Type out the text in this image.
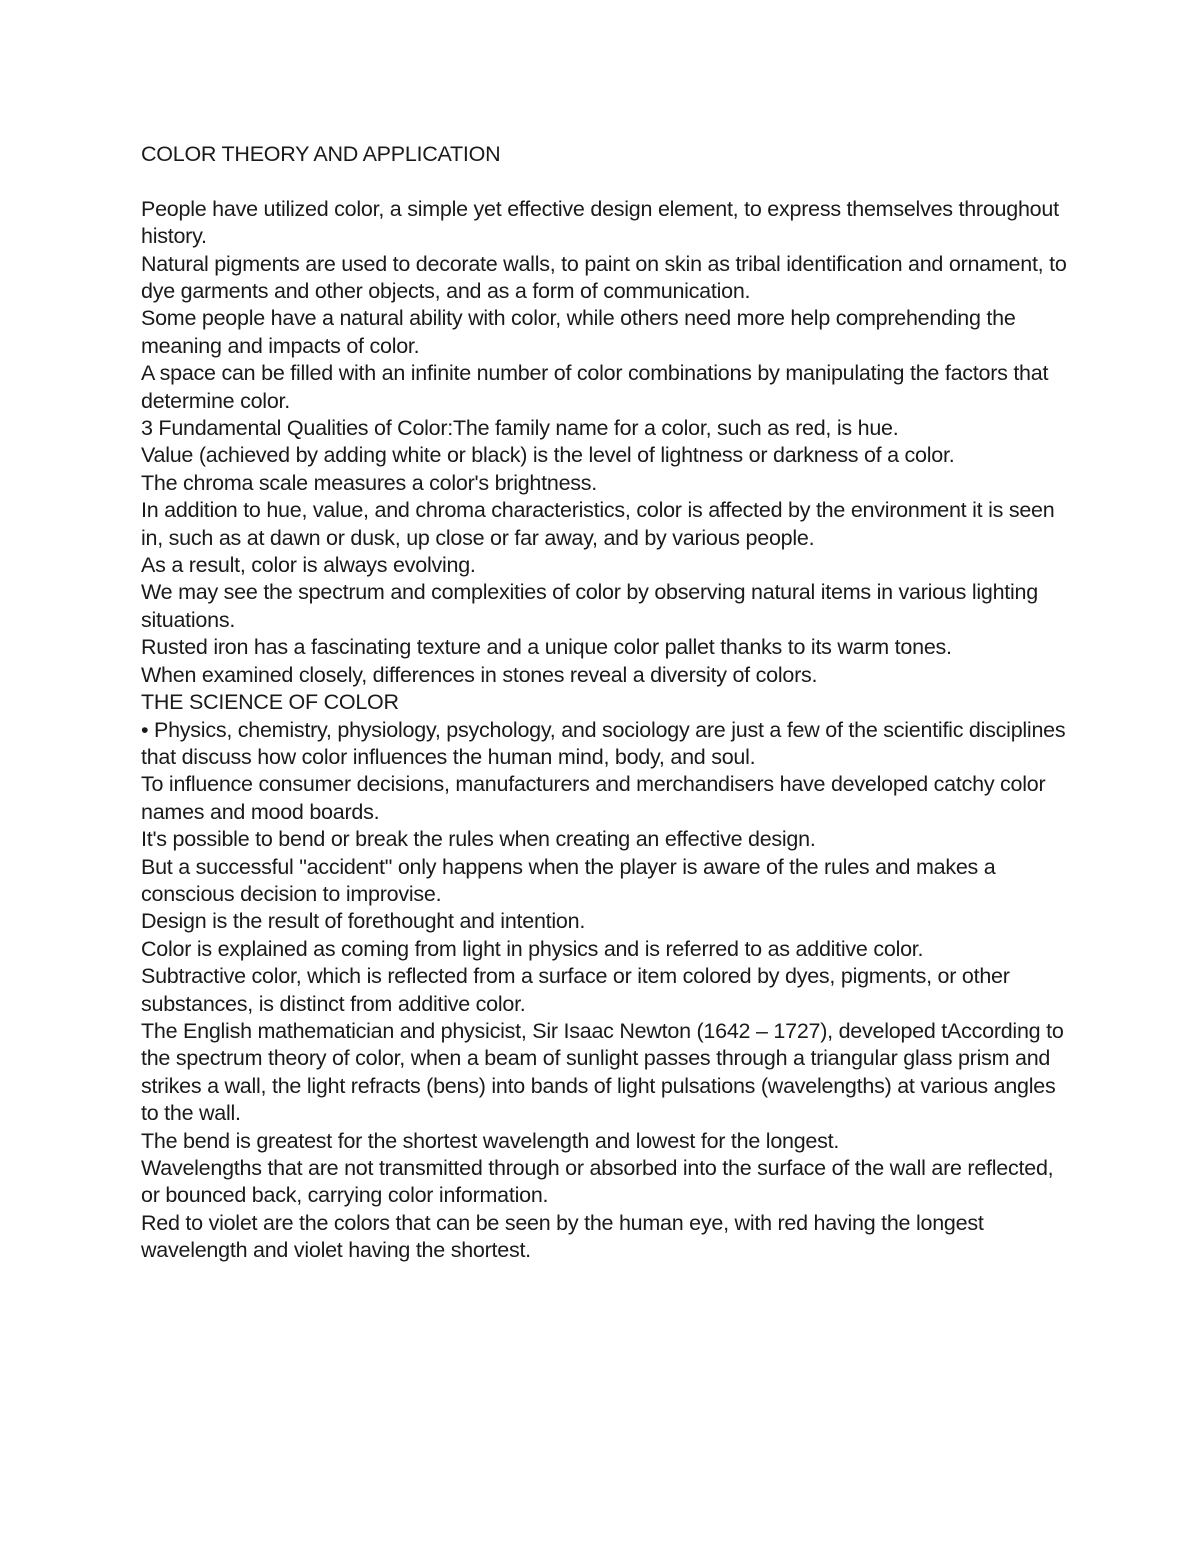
COLOR THEORY AND APPLICATION

People have utilized color, a simple yet effective design element, to express themselves throughout history.

Natural pigments are used to decorate walls, to paint on skin as tribal identification and ornament, to dye garments and other objects, and as a form of communication.

Some people have a natural ability with color, while others need more help comprehending the meaning and impacts of color.

A space can be filled with an infinite number of color combinations by manipulating the factors that determine color.

3 Fundamental Qualities of Color:The family name for a color, such as red, is hue.

Value (achieved by adding white or black) is the level of lightness or darkness of a color.

The chroma scale measures a color's brightness.

In addition to hue, value, and chroma characteristics, color is affected by the environment it is seen in, such as at dawn or dusk, up close or far away, and by various people.

As a result, color is always evolving.

We may see the spectrum and complexities of color by observing natural items in various lighting situations.

Rusted iron has a fascinating texture and a unique color pallet thanks to its warm tones.

When examined closely, differences in stones reveal a diversity of colors.

THE SCIENCE OF COLOR

• Physics, chemistry, physiology, psychology, and sociology are just a few of the scientific disciplines that discuss how color influences the human mind, body, and soul.

To influence consumer decisions, manufacturers and merchandisers have developed catchy color names and mood boards.

It's possible to bend or break the rules when creating an effective design.

But a successful "accident" only happens when the player is aware of the rules and makes a conscious decision to improvise.

Design is the result of forethought and intention.

Color is explained as coming from light in physics and is referred to as additive color.

Subtractive color, which is reflected from a surface or item colored by dyes, pigments, or other substances, is distinct from additive color.

The English mathematician and physicist, Sir Isaac Newton (1642 – 1727), developed tAccording to the spectrum theory of color, when a beam of sunlight passes through a triangular glass prism and strikes a wall, the light refracts (bens) into bands of light pulsations (wavelengths) at various angles to the wall.

The bend is greatest for the shortest wavelength and lowest for the longest.

Wavelengths that are not transmitted through or absorbed into the surface of the wall are reflected, or bounced back, carrying color information.

Red to violet are the colors that can be seen by the human eye, with red having the longest wavelength and violet having the shortest.
